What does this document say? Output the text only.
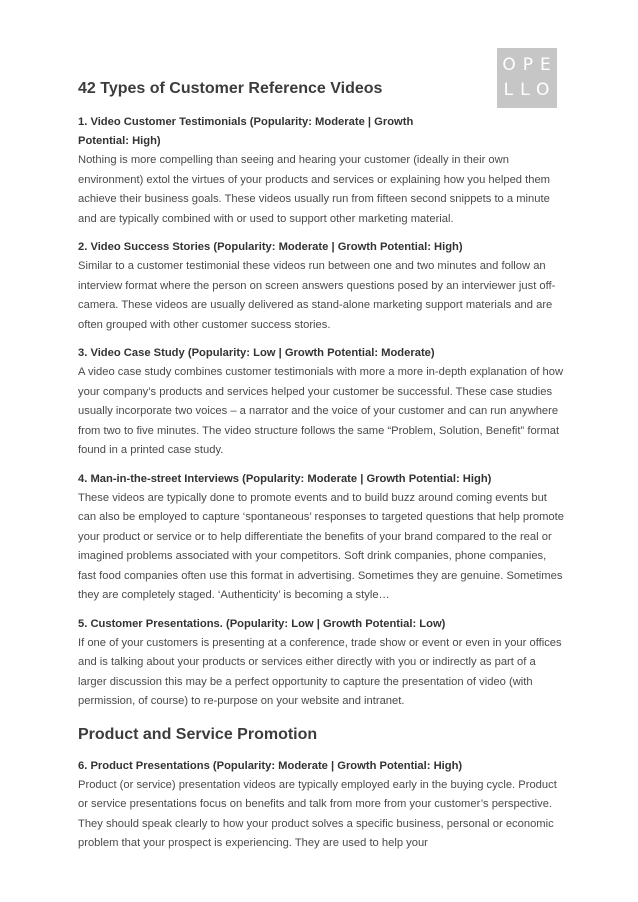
OPE
LLO
42 Types of Customer Reference Videos
1. Video Customer Testimonials (Popularity: Moderate | Growth Potential: High)
Nothing is more compelling than seeing and hearing your customer (ideally in their own environment) extol the virtues of your products and services or explaining how you helped them achieve their business goals. These videos usually run from fifteen second snippets to a minute and are typically combined with or used to support other marketing material.
2. Video Success Stories (Popularity: Moderate | Growth Potential: High)
Similar to a customer testimonial these videos run between one and two minutes and follow an interview format where the person on screen answers questions posed by an interviewer just off-camera. These videos are usually delivered as stand-alone marketing support materials and are often grouped with other customer success stories.
3. Video Case Study (Popularity: Low | Growth Potential: Moderate)
A video case study combines customer testimonials with more a more in-depth explanation of how your company’s products and services helped your customer be successful. These case studies usually incorporate two voices – a narrator and the voice of your customer and can run anywhere from two to five minutes. The video structure follows the same “Problem, Solution, Benefit” format found in a printed case study.
4. Man-in-the-street Interviews (Popularity: Moderate | Growth Potential: High)
These videos are typically done to promote events and to build buzz around coming events but can also be employed to capture ‘spontaneous’ responses to targeted questions that help promote your product or service or to help differentiate the benefits of your brand compared to the real or imagined problems associated with your competitors. Soft drink companies, phone companies, fast food companies often use this format in advertising. Sometimes they are genuine. Sometimes they are completely staged. ‘Authenticity’ is becoming a style…
5. Customer Presentations. (Popularity: Low | Growth Potential: Low)
If one of your customers is presenting at a conference, trade show or event or even in your offices and is talking about your products or services either directly with you or indirectly as part of a larger discussion this may be a perfect opportunity to capture the presentation of video (with permission, of course) to re-purpose on your website and intranet.
Product and Service Promotion
6. Product Presentations (Popularity: Moderate | Growth Potential: High)
Product (or service) presentation videos are typically employed early in the buying cycle. Product or service presentations focus on benefits and talk from more from your customer’s perspective. They should speak clearly to how your product solves a specific business, personal or economic problem that your prospect is experiencing. They are used to help your
